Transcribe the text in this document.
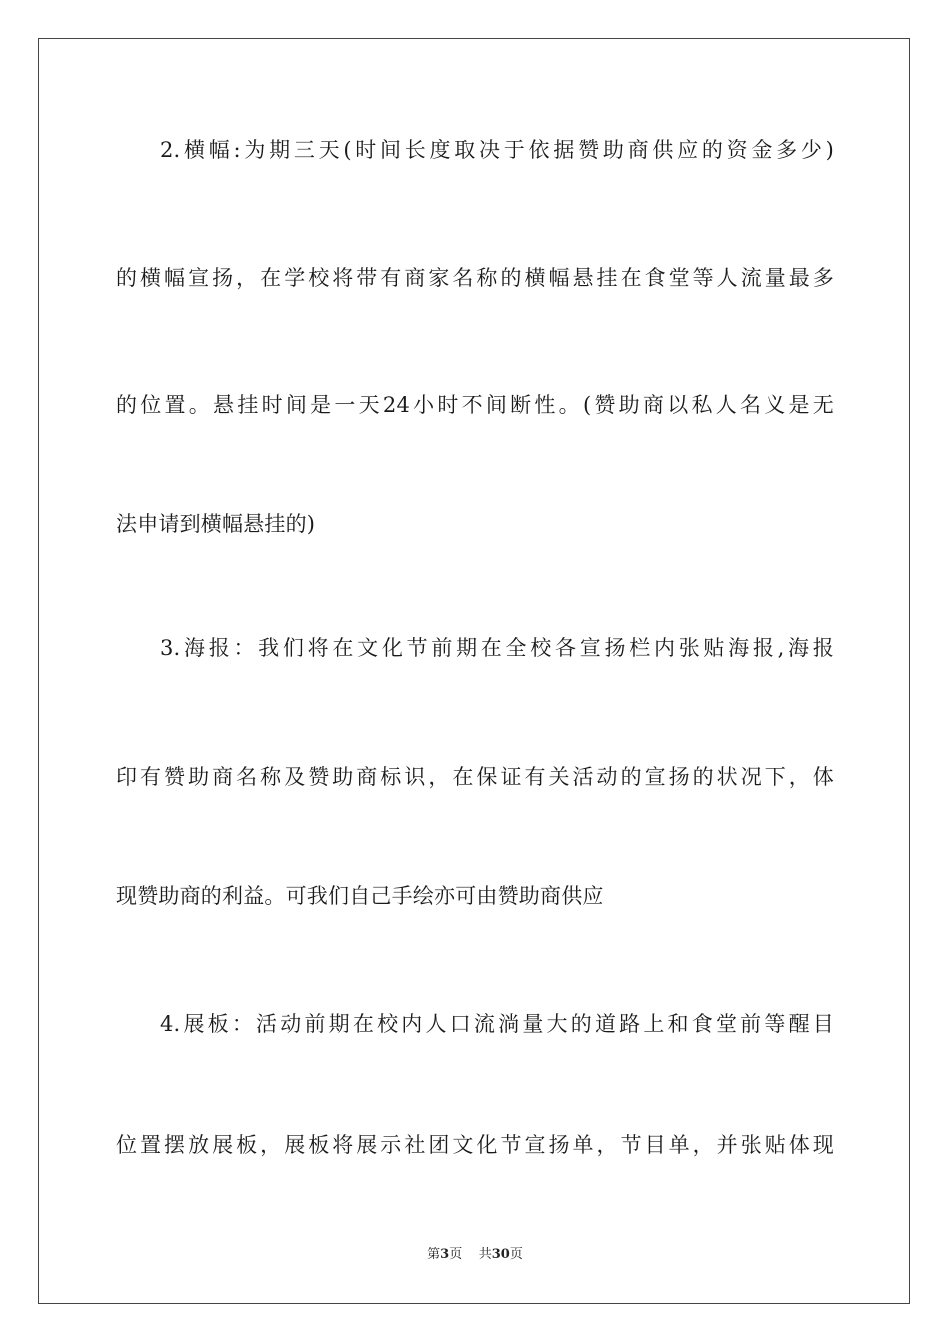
2.横幅:为期三天(时间长度取决于依据赞助商供应的资金多少)
的横幅宣扬，在学校将带有商家名称的横幅悬挂在食堂等人流量最多
的位置。悬挂时间是一天24小时不间断性。(赞助商以私人名义是无
法申请到横幅悬挂的)
3.海报：我们将在文化节前期在全校各宣扬栏内张贴海报,海报
印有赞助商名称及赞助商标识，在保证有关活动的宣扬的状况下，体
现赞助商的利益。可我们自己手绘亦可由赞助商供应
4.展板：活动前期在校内人口流淌量大的道路上和食堂前等醒目
位置摆放展板，展板将展示社团文化节宣扬单，节目单，并张贴体现
第3页 共30页
